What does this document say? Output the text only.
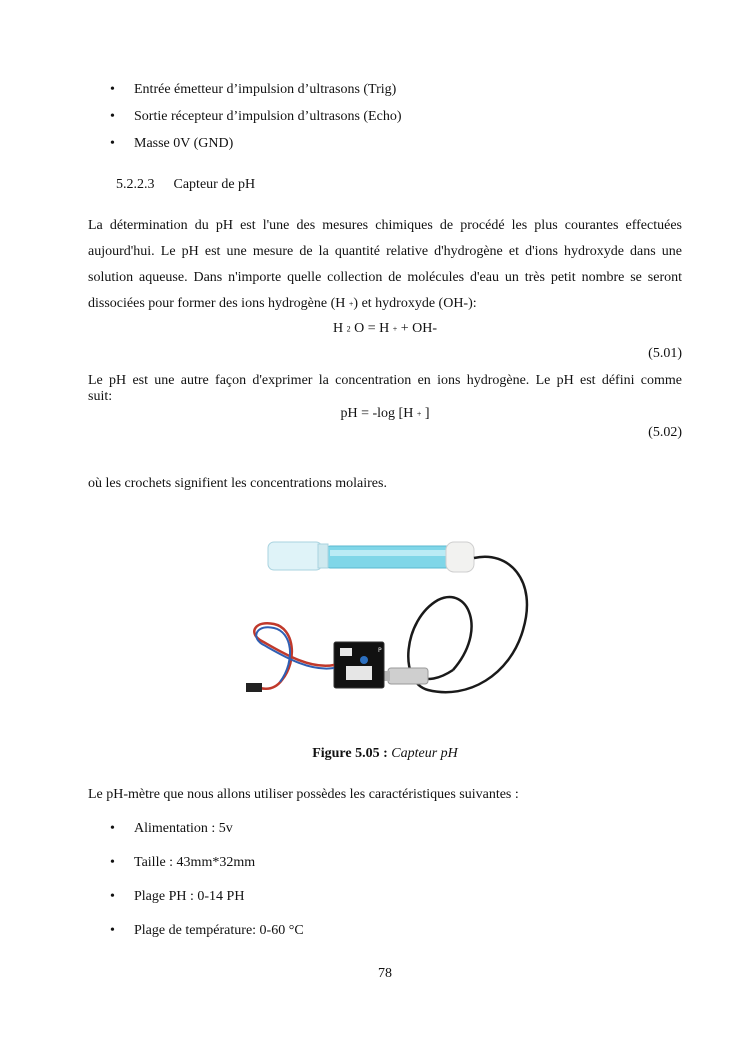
•	Entrée émetteur d’impulsion d’ultrasons (Trig)
•	Sortie récepteur d’impulsion d’ultrasons (Echo)
•	Masse 0V (GND)
5.2.2.3 Capteur de pH
La détermination du pH est l'une des mesures chimiques de procédé les plus courantes effectuées
aujourd'hui. Le pH est une mesure de la quantité relative d'hydrogène et d'ions hydroxyde dans une
solution aqueuse. Dans n'importe quelle collection de molécules d'eau un très petit nombre se seront
dissociées pour former des ions hydrogène (H +) et hydroxyde (OH-):
H 2 O = H + + OH-
(5.01)
Le pH est une autre façon d'exprimer la concentration en ions hydrogène. Le pH est défini comme
suit:
pH = -log [H + ]
(5.02)
où les crochets signifient les concentrations molaires.
P
Figure 5.05 : Capteur pH
Le pH-mètre que nous allons utiliser possèdes les caractéristiques suivantes :
•	Alimentation : 5v
•	Taille : 43mm*32mm
•	Plage PH : 0-14 PH
•	Plage de température: 0-60 °C
78
